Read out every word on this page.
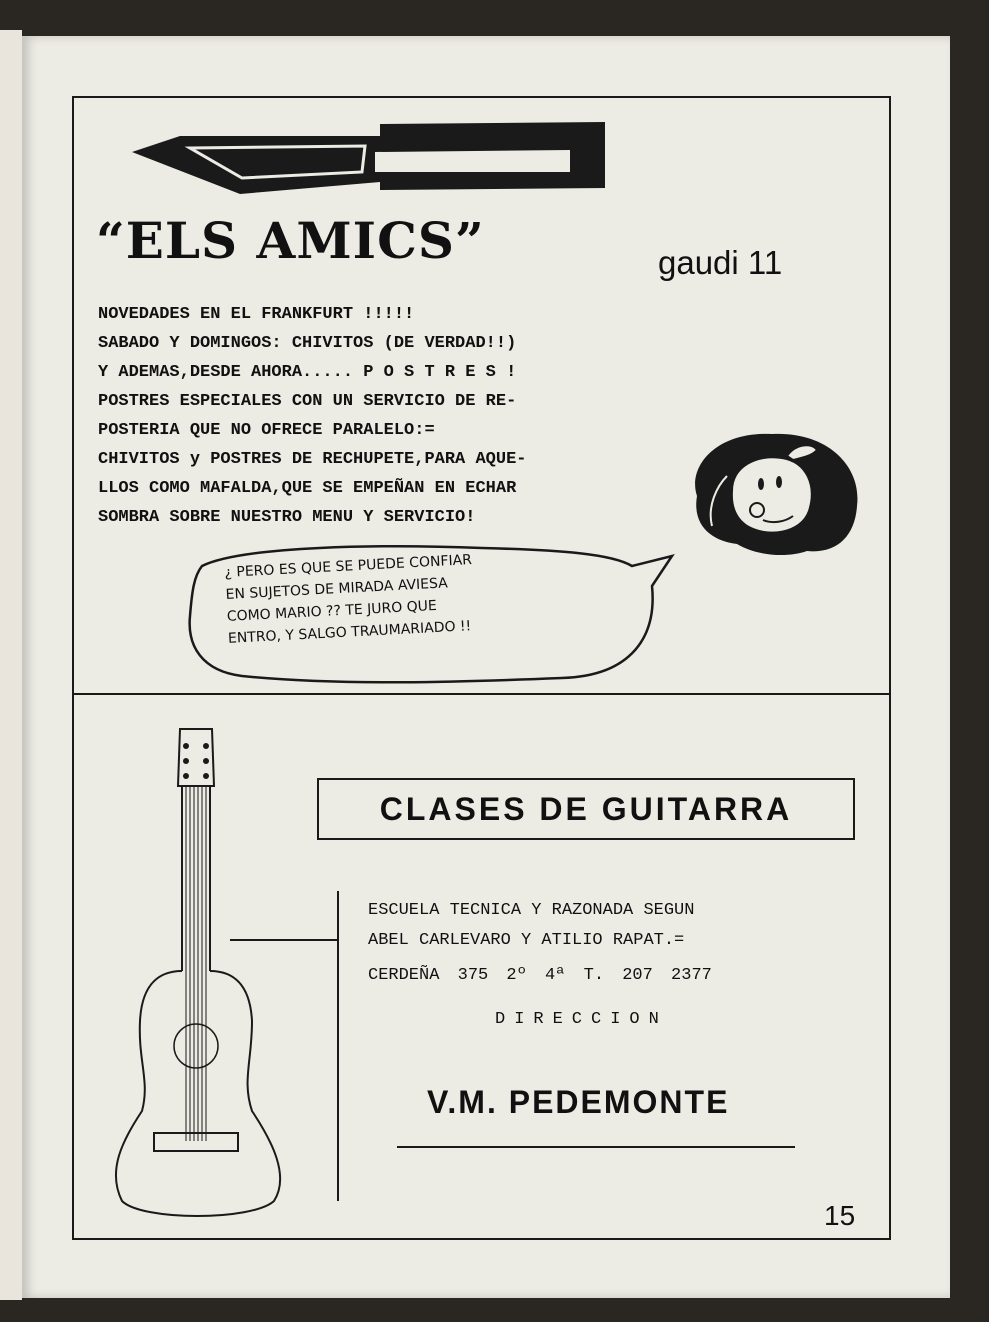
“ELS AMICS”	gaudi 11
NOVEDADES EN EL FRANKFURT !!!!!
SABADO Y DOMINGOS: CHIVITOS (DE VERDAD!!)
Y ADEMAS,DESDE AHORA..... P O S T R E S !
POSTRES ESPECIALES CON UN SERVICIO DE RE-
POSTERIA QUE NO OFRECE PARALELO:=
CHIVITOS y POSTRES DE RECHUPETE,PARA AQUE-
LLOS COMO MAFALDA,QUE SE EMPEÑAN EN ECHAR
SOMBRA SOBRE NUESTRO MENU Y SERVICIO!
¿ PERO ES QUE SE PUEDE CONFIAR
EN SUJETOS DE MIRADA AVIESA
COMO MARIO ?? TE JURO QUE
ENTRO, Y SALGO TRAUMARIADO !!
CLASES DE GUITARRA
ESCUELA TECNICA Y RAZONADA SEGUN
ABEL CARLEVARO Y ATILIO RAPAT.=
CERDEÑA 375 2º 4ª T. 207 2377
DIRECCION
V.M. PEDEMONTE
15
